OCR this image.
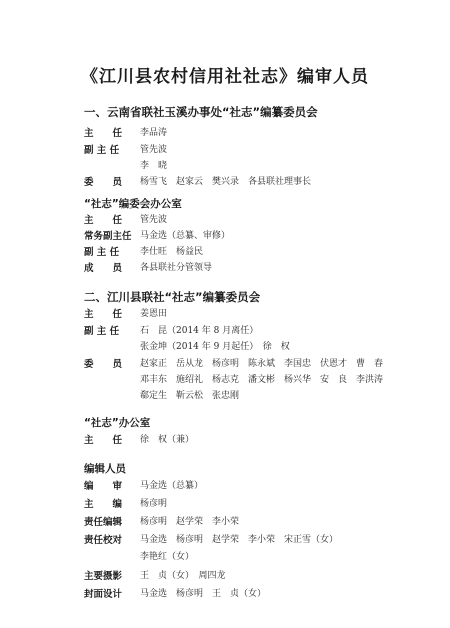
《江川县农村信用社社志》编审人员
一、云南省联社玉溪办事处“社志”编纂委员会
主　　任 李品涛
副 主 任 管先波
李　晓
委　　员 杨雪飞　赵家云　樊兴录　各县联社理事长
“社志”编委会办公室
主　　任 管先波
常务副主任 马金选（总纂、审修）
副 主 任 李仕旺　杨益民
成　　员 各县联社分管领导
二、江川县联社“社志”编纂委员会
主　　任 姜恩田
副 主 任 石　昆（2014 年 8 月离任）
张金坤（2014 年 9 月起任）　徐　权
委　　员 赵家正　岳从龙　杨彦明　陈永斌　李国忠　伏恩才　曹　春
邓丰东　施绍礼　杨志克　潘文彬　杨兴华　安　良　李洪涛
郗定生　靳云松　张忠刚
“社志”办公室
主　　任 徐　权（兼）
编辑人员
编　　审 马金选（总纂）
主　　编 杨彦明
责任编辑 杨彦明　赵学荣　李小荣
责任校对 马金选　杨彦明　赵学荣　李小荣　宋正雪（女）
李艳红（女）
主要摄影 王　贞（女）　周四龙
封面设计 马金选　杨彦明　王　贞（女）
